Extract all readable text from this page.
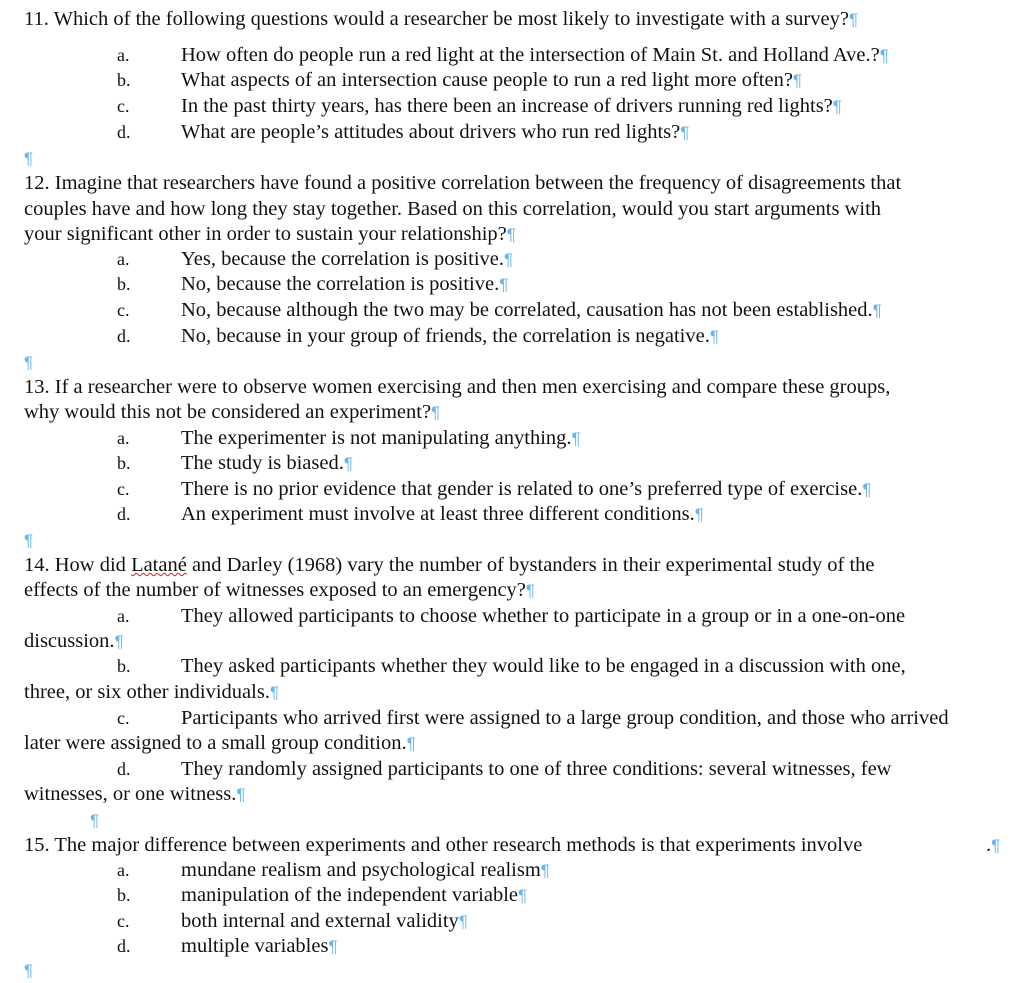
11. Which of the following questions would a researcher be most likely to investigate with a survey?¶
a.	How often do people run a red light at the intersection of Main St. and Holland Ave.?¶
b. What aspects of an intersection cause people to run a red light more often?¶
c.	In the past thirty years, has there been an increase of drivers running red lights?¶
d. What are people’s attitudes about drivers who run red lights?¶
¶
12. Imagine that researchers have found a positive correlation between the frequency of disagreements that
couples have and how long they stay together. Based on this correlation, would you start arguments with
your significant other in order to sustain your relationship?¶
a.	Yes, because the correlation is positive.¶
b. No, because the correlation is positive.¶
c.	No, because although the two may be correlated, causation has not been established.¶
d. No, because in your group of friends, the correlation is negative.¶
¶
13. If a researcher were to observe women exercising and then men exercising and compare these groups,
why would this not be considered an experiment?¶
a.	The experimenter is not manipulating anything.¶
b. The study is biased.¶
c.	There is no prior evidence that gender is related to one’s preferred type of exercise.¶
d. An experiment must involve at least three different conditions.¶
¶
14. How did Latané and Darley (1968) vary the number of bystanders in their experimental study of the
effects of the number of witnesses exposed to an emergency?¶
a.	They allowed participants to choose whether to participate in a group or in a one-on-one
discussion.¶
b. They asked participants whether they would like to be engaged in a discussion with one,
three, or six other individuals.¶
c.	Participants who arrived first were assigned to a large group condition, and those who arrived
later were assigned to a small group condition.¶
d. They randomly assigned participants to one of three conditions: several witnesses, few
witnesses, or one witness.¶
¶
15. The major difference between experiments and other research methods is that experiments involve	.¶
a.	mundane realism and psychological realism¶
b. manipulation of the independent variable¶
c.	both internal and external validity¶
d. multiple variables¶
¶
